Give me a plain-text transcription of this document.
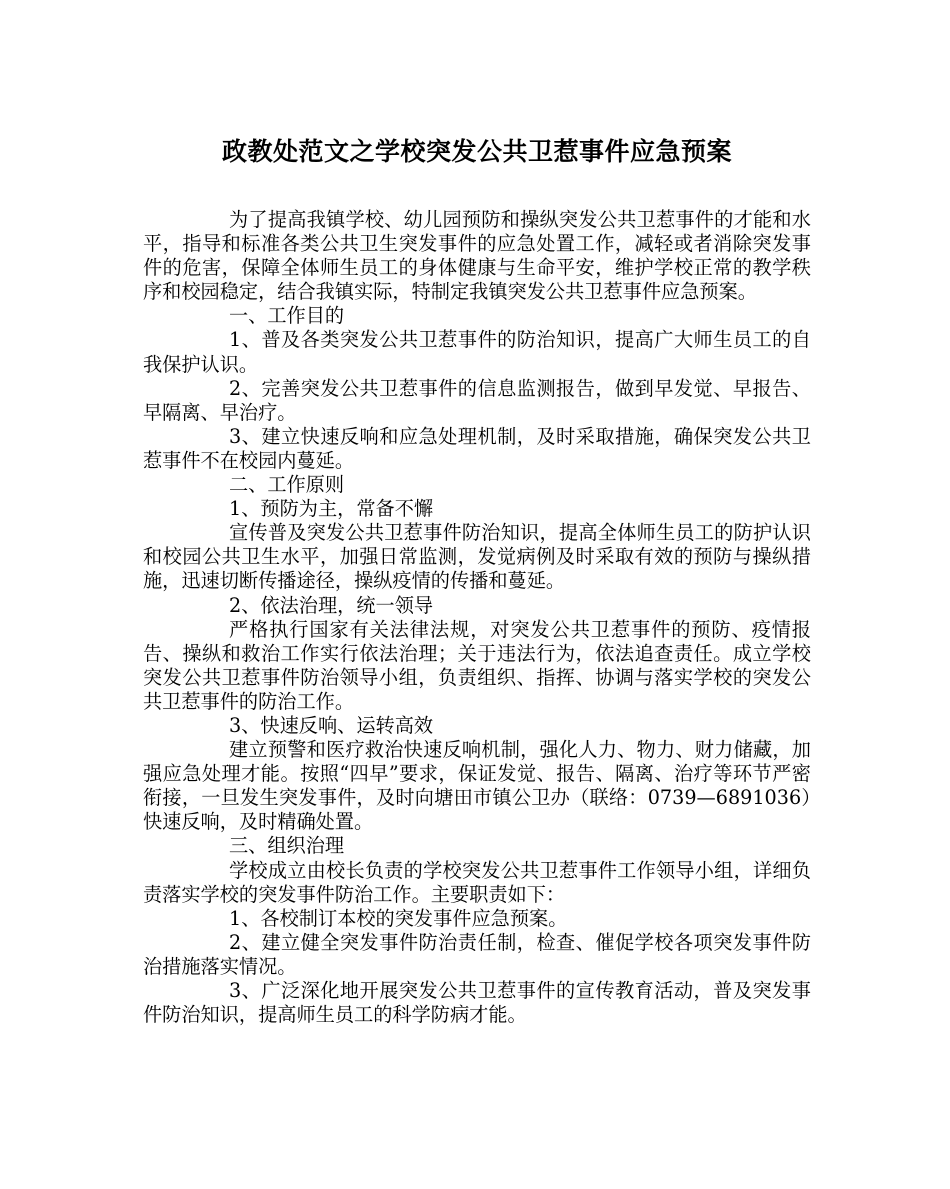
政教处范文之学校突发公共卫惹事件应急预案

为了提高我镇学校、幼儿园预防和操纵突发公共卫惹事件的才能和水平，指导和标准各类公共卫生突发事件的应急处置工作，减轻或者消除突发事件的危害，保障全体师生员工的身体健康与生命平安，维护学校正常的教学秩序和校园稳定，结合我镇实际，特制定我镇突发公共卫惹事件应急预案。

一、工作目的

1、普及各类突发公共卫惹事件的防治知识，提高广大师生员工的自我保护认识。

2、完善突发公共卫惹事件的信息监测报告，做到早发觉、早报告、早隔离、早治疗。

3、建立快速反响和应急处理机制，及时采取措施，确保突发公共卫惹事件不在校园内蔓延。

二、工作原则

1、预防为主，常备不懈

宣传普及突发公共卫惹事件防治知识，提高全体师生员工的防护认识和校园公共卫生水平，加强日常监测，发觉病例及时采取有效的预防与操纵措施，迅速切断传播途径，操纵疫情的传播和蔓延。

2、依法治理，统一领导

严格执行国家有关法律法规，对突发公共卫惹事件的预防、疫情报告、操纵和救治工作实行依法治理；关于违法行为，依法追查责任。成立学校突发公共卫惹事件防治领导小组，负责组织、指挥、协调与落实学校的突发公共卫惹事件的防治工作。

3、快速反响、运转高效

建立预警和医疗救治快速反响机制，强化人力、物力、财力储藏，加强应急处理才能。按照“四早”要求，保证发觉、报告、隔离、治疗等环节严密衔接，一旦发生突发事件，及时向塘田市镇公卫办（联络：0739—6891036）快速反响，及时精确处置。

三、组织治理

学校成立由校长负责的学校突发公共卫惹事件工作领导小组，详细负责落实学校的突发事件防治工作。主要职责如下：

1、各校制订本校的突发事件应急预案。

2、建立健全突发事件防治责任制，检查、催促学校各项突发事件防治措施落实情况。

3、广泛深化地开展突发公共卫惹事件的宣传教育活动，普及突发事件防治知识，提高师生员工的科学防病才能。
